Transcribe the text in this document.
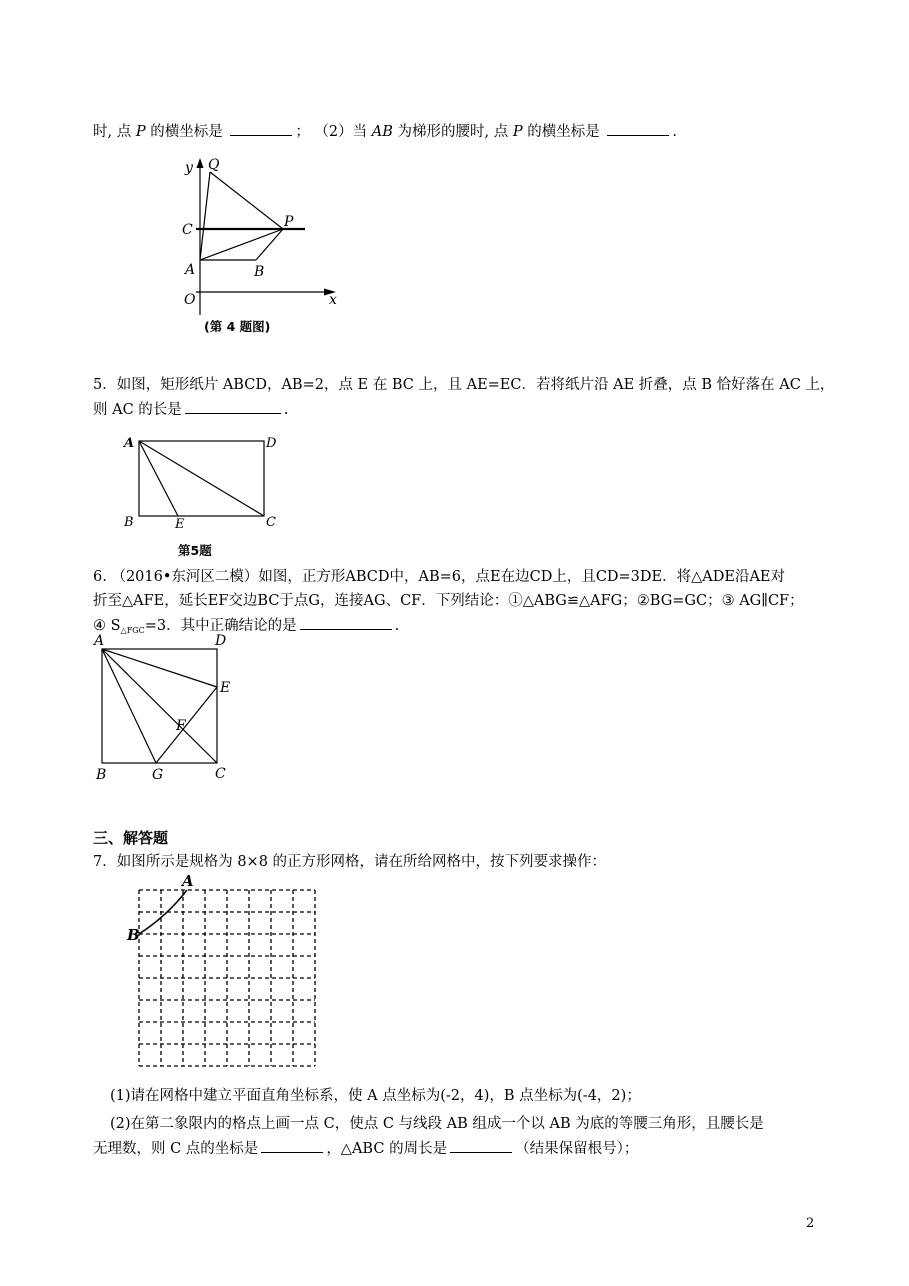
时, 点 P 的横坐标是	； （2）当 AB 为梯形的腰时, 点 P 的横坐标是	.
y Q
C	P
A	B
O	x
(第 4 题图)
5．如图，矩形纸片 ABCD，AB=2，点 E 在 BC 上，且 AE=EC．若将纸片沿 AE 折叠，点 B 恰好落在 AC 上，
则 AC 的长是	.
A	D
B	E	C
第5题
6. （2016•东河区二模）如图，正方形ABCD中，AB=6，点E在边CD上，且CD=3DE．将△ADE沿AE对
折至△AFE，延长EF交边BC于点G，连接AG、CF．下列结论：①△ABG≌△AFG；②BG=GC；③ AG∥CF；
④ $S_{\triangle FGC}=3$．其中正确结论的是	.
A	D
E
F
B	G	C
三、解答题
7．如图所示是规格为 8×8 的正方形网格，请在所给网格中，按下列要求操作：
A
B
(1)请在网格中建立平面直角坐标系，使 A 点坐标为(-2，4)，B 点坐标为(-4，2)；
(2)在第二象限内的格点上画一点 C，使点 C 与线段 AB 组成一个以 AB 为底的等腰三角形，且腰长是
无理数，则 C 点的坐标是	，△ABC 的周长是	（结果保留根号）；
2
